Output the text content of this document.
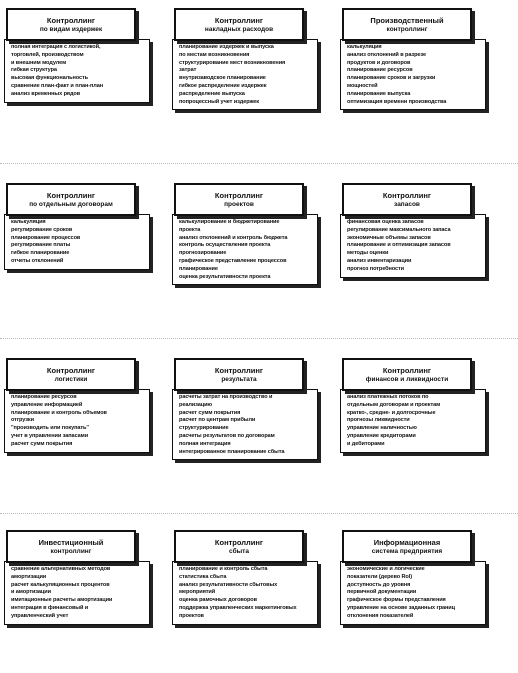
Контроллинг
по видам издержек
полная интеграция с логистикой,
торговлей, производством
и внешним модулем
гибкая структура
высокая функциональность
сравнение план-факт и план-план
анализ временных рядов
Контроллинг
накладных расходов
планирование издержек и выпуска
по местам возникновения
структурирование мест возникновения
затрат
внутризаводское планирование
гибкое распределение издержек
распределение выпуска
попроцессный учет издержек
Производственный
контроллинг
калькуляция
анализ отклонений в разрезе
продуктов и договоров
планирование ресурсов
планирование сроков и загрузки
мощностей
планирование выпуска
оптимизация времени производства
Контроллинг
по отдельным договорам
калькуляция
регулирование сроков
планирование процессов
регулирование платы
гибкое планирование
отчеты отклонений
Контроллинг
проектов
калькулирование и бюджетирование
проекта
анализ отклонений и контроль бюджета
контроль осуществления проекта
прогнозирование
графическое представление процессов
планирование
оценка результативности проекта
Контроллинг
запасов
финансовая оценка запасов
регулирование максимального запаса
экономичные объемы запасов
планирование и оптимизация запасов
методы оценки
анализ инвентаризации
прогноз потребности
Контроллинг
логистики
планирование ресурсов
управление информацией
планирование и контроль объемов
отгрузки
"производить или покупать"
учет в управлении запасами
расчет сумм покрытия
Контроллинг
результата
расчеты затрат на производство и
реализацию
расчет сумм покрытия
расчет по центрам прибыли
структурирование
расчеты результатов по договорам
полная интеграция
интегрированное планирование сбыта
Контроллинг
финансов и ликвидности
анализ платежных потоков по
отдельным договорам и проектам
кратко-, средне- и долгосрочные
прогнозы ликвидности
управление наличностью
управление кредиторами
и дебиторами
Инвестиционный
контроллинг
сравнение альтернативных методов
амортизации
расчет калькуляционных процентов
и амортизации
имитационные расчеты амортизации
интеграция в финансовый и
управленческий учет
Контроллинг
сбыта
планирование и контроль сбыта
статистика сбыта
анализ результативности сбытовых
мероприятий
оценка рамочных договоров
поддержка управленческих маркетинговых
проектов
Информационная
система предприятия
экономические и логические
показатели (дерево RoI)
доступность до уровня
первичной документации
графическое формы представления
управление на основе заданных границ
отклонения показателей
